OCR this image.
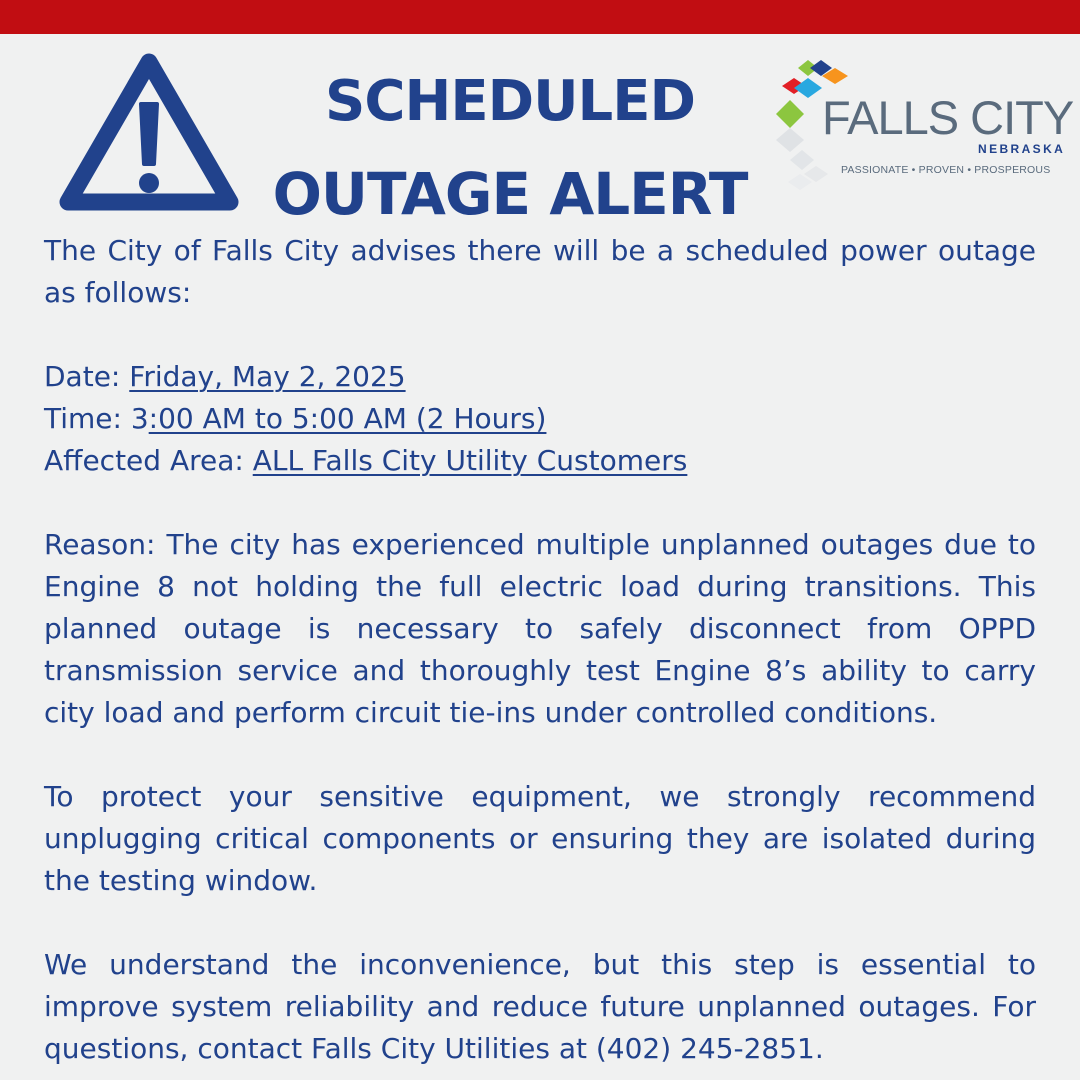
SCHEDULED
OUTAGE ALERT
FALLS CITY
NEBRASKA
PASSIONATE • PROVEN • PROSPEROUS

The City of Falls City advises there will be a scheduled power outage as follows:

Date: Friday, May 2, 2025
Time: 3:00 AM to 5:00 AM (2 Hours)
Affected Area: ALL Falls City Utility Customers

Reason: The city has experienced multiple unplanned outages due to Engine 8 not holding the full electric load during transitions. This planned outage is necessary to safely disconnect from OPPD transmission service and thoroughly test Engine 8’s ability to carry city load and perform circuit tie-ins under controlled conditions.

To protect your sensitive equipment, we strongly recommend unplugging critical components or ensuring they are isolated during the testing window.

We understand the inconvenience, but this step is essential to improve system reliability and reduce future unplanned outages. For questions, contact Falls City Utilities at (402) 245-2851.
